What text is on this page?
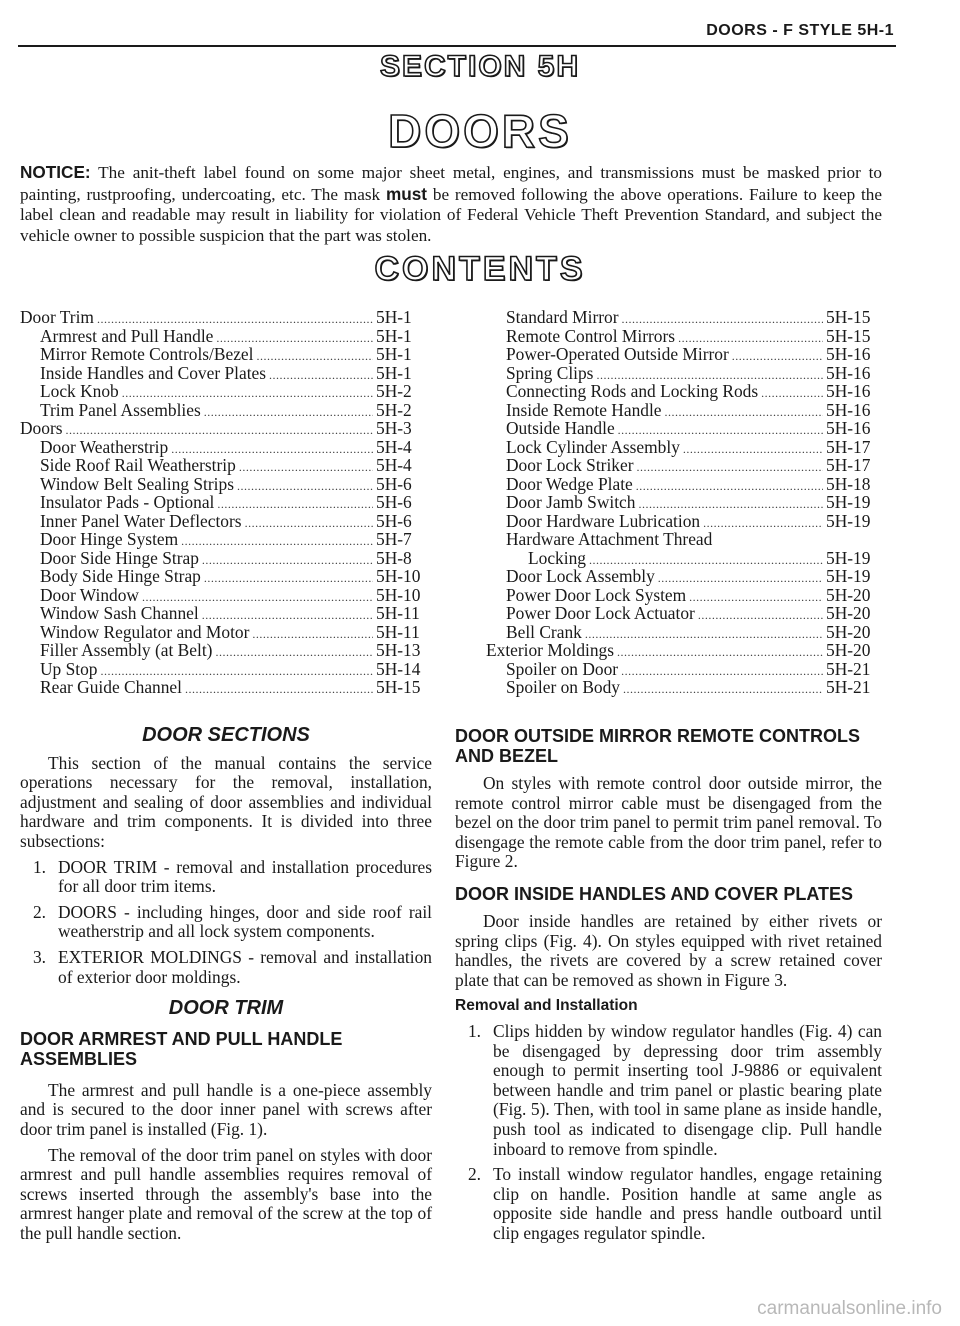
DOORS - F STYLE 5H-1
SECTION 5H
DOORS
NOTICE: The anit-theft label found on some major sheet metal, engines, and transmissions must be masked prior to painting, rustproofing, undercoating, etc. The mask must be removed following the above operations. Failure to keep the label clean and readable may result in liability for violation of Federal Vehicle Theft Prevention Standard, and subject the vehicle owner to possible suspicion that the part was stolen.
CONTENTS
Door Trim .....	5H-1
Armrest and Pull Handle .....	5H-1
Mirror Remote Controls/Bezel .....	5H-1
Inside Handles and Cover Plates .....	5H-1
Lock Knob .....	5H-2
Trim Panel Assemblies .....	5H-2
Doors .....	5H-3
Door Weatherstrip .....	5H-4
Side Roof Rail Weatherstrip .....	5H-4
Window Belt Sealing Strips .....	5H-6
Insulator Pads - Optional .....	5H-6
Inner Panel Water Deflectors .....	5H-6
Door Hinge System .....	5H-7
Door Side Hinge Strap .....	5H-8
Body Side Hinge Strap .....	5H-10
Door Window .....	5H-10
Window Sash Channel .....	5H-11
Window Regulator and Motor .....	5H-11
Filler Assembly (at Belt) .....	5H-13
Up Stop .....	5H-14
Rear Guide Channel .....	5H-15
Standard Mirror .....	5H-15
Remote Control Mirrors .....	5H-15
Power-Operated Outside Mirror .....	5H-16
Spring Clips .....	5H-16
Connecting Rods and Locking Rods .....	5H-16
Inside Remote Handle .....	5H-16
Outside Handle .....	5H-16
Lock Cylinder Assembly .....	5H-17
Door Lock Striker .....	5H-17
Door Wedge Plate .....	5H-18
Door Jamb Switch .....	5H-19
Door Hardware Lubrication .....	5H-19
Hardware Attachment Thread
Locking .....	5H-19
Door Lock Assembly .....	5H-19
Power Door Lock System .....	5H-20
Power Door Lock Actuator .....	5H-20
Bell Crank .....	5H-20
Exterior Moldings .....	5H-20
Spoiler on Door .....	5H-21
Spoiler on Body .....	5H-21
DOOR SECTIONS

This section of the manual contains the service operations necessary for the removal, installation, adjustment and sealing of door assemblies and individual hardware and trim components. It is divided into three subsections:

1. DOOR TRIM - removal and installation procedures for all door trim items.
2. DOORS - including hinges, door and side roof rail weatherstrip and all lock system components.
3. EXTERIOR MOLDINGS - removal and installation of exterior door moldings.
DOOR TRIM
DOOR ARMREST AND PULL HANDLE ASSEMBLIES

The armrest and pull handle is a one-piece assembly and is secured to the door inner panel with screws after door trim panel is installed (Fig. 1).

The removal of the door trim panel on styles with door armrest and pull handle assemblies requires removal of screws inserted through the assembly's base into the armrest hanger plate and removal of the screw at the top of the pull handle section.

DOOR OUTSIDE MIRROR REMOTE CONTROLS AND BEZEL

On styles with remote control door outside mirror, the remote control mirror cable must be disengaged from the bezel on the door trim panel to permit trim panel removal. To disengage the remote cable from the door trim panel, refer to Figure 2.

DOOR INSIDE HANDLES AND COVER PLATES

Door inside handles are retained by either rivets or spring clips (Fig. 4). On styles equipped with rivet retained handles, the rivets are covered by a screw retained cover plate that can be removed as shown in Figure 3.

Removal and Installation
1. Clips hidden by window regulator handles (Fig. 4) can be disengaged by depressing door trim assembly enough to permit inserting tool J-9886 or equivalent between handle and trim panel or plastic bearing plate (Fig. 5). Then, with tool in same plane as inside handle, push tool as indicated to disengage clip. Pull handle inboard to remove from spindle.
2. To install window regulator handles, engage retaining clip on handle. Position handle at same angle as opposite side handle and press handle outboard until clip engages regulator spindle.
carmanualsonline.info
